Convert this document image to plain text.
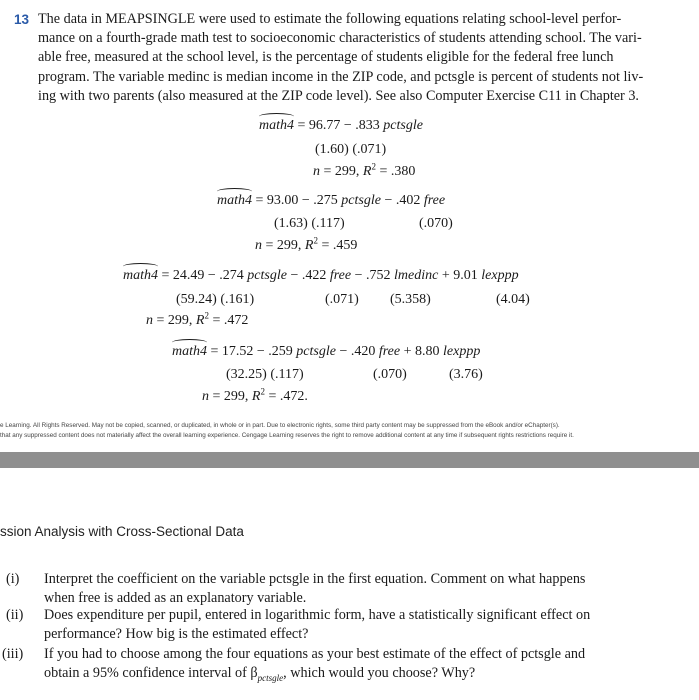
13 The data in MEAPSINGLE were used to estimate the following equations relating school-level perfor-

mance on a fourth-grade math test to socioeconomic characteristics of students attending school. The vari-

able free, measured at the school level, is the percentage of students eligible for the federal free lunch

program. The variable medinc is median income in the ZIP code, and pctsgle is percent of students not liv-

ing with two parents (also measured at the ZIP code level). See also Computer Exercise C11 in Chapter 3.

math4 = 96.77 − .833 pctsgle
(1.60) (.071)
n = 299, $R^2 = .380$
math4 = 93.00 − .275 pctsgle − .402 free
(1.63) (.117)	(.070)
n = 299, $R^2 = .459$
math4 = 24.49 − .274 pctsgle − .422 free − .752 lmedinc + 9.01 lexppp
(59.24) (.161)	(.071) (5.358)	(4.04)
n = 299, $R^2 = .472$
math4 = 17.52 − .259 pctsgle − .420 free + 8.80 lexppp
(32.25) (.117)	(.070)	(3.76)
n = 299, $R^2 = .472$.
e Learning. All Rights Reserved. May not be copied, scanned, or duplicated, in whole or in part. Due to electronic rights, some third party content may be suppressed from the eBook and/or eChapter(s).
that any suppressed content does not materially affect the overall learning experience. Cengage Learning reserves the right to remove additional content at any time if subsequent rights restrictions require it.
ssion Analysis with Cross-Sectional Data
(i) Interpret the coefficient on the variable pctsgle in the first equation. Comment on what happens

when free is added as an explanatory variable.

(ii) Does expenditure per pupil, entered in logarithmic form, have a statistically significant effect on

performance? How big is the estimated effect?

(iii) If you had to choose among the four equations as your best estimate of the effect of pctsgle and

obtain a 95% confidence interval of $\beta_{pctsgle}$, which would you choose? Why?
